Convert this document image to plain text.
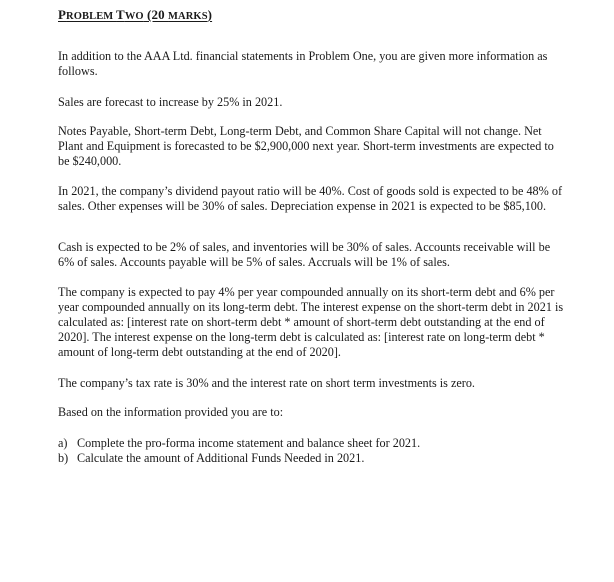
PROBLEM TWO (20 MARKS)

In addition to the AAA Ltd. financial statements in Problem One, you are given more information as follows.

Sales are forecast to increase by 25% in 2021.

Notes Payable, Short-term Debt, Long-term Debt, and Common Share Capital will not change. Net Plant and Equipment is forecasted to be $2,900,000 next year. Short-term investments are expected to be $240,000.

In 2021, the company’s dividend payout ratio will be 40%. Cost of goods sold is expected to be 48% of sales. Other expenses will be 30% of sales. Depreciation expense in 2021 is expected to be $85,100.

Cash is expected to be 2% of sales, and inventories will be 30% of sales. Accounts receivable will be 6% of sales. Accounts payable will be 5% of sales. Accruals will be 1% of sales.

The company is expected to pay 4% per year compounded annually on its short-term debt and 6% per year compounded annually on its long-term debt. The interest expense on the short-term debt in 2021 is calculated as: [interest rate on short-term debt * amount of short-term debt outstanding at the end of 2020]. The interest expense on the long-term debt is calculated as: [interest rate on long-term debt * amount of long-term debt outstanding at the end of 2020].

The company’s tax rate is 30% and the interest rate on short term investments is zero.

Based on the information provided you are to:

a) Complete the pro-forma income statement and balance sheet for 2021.
b) Calculate the amount of Additional Funds Needed in 2021.
